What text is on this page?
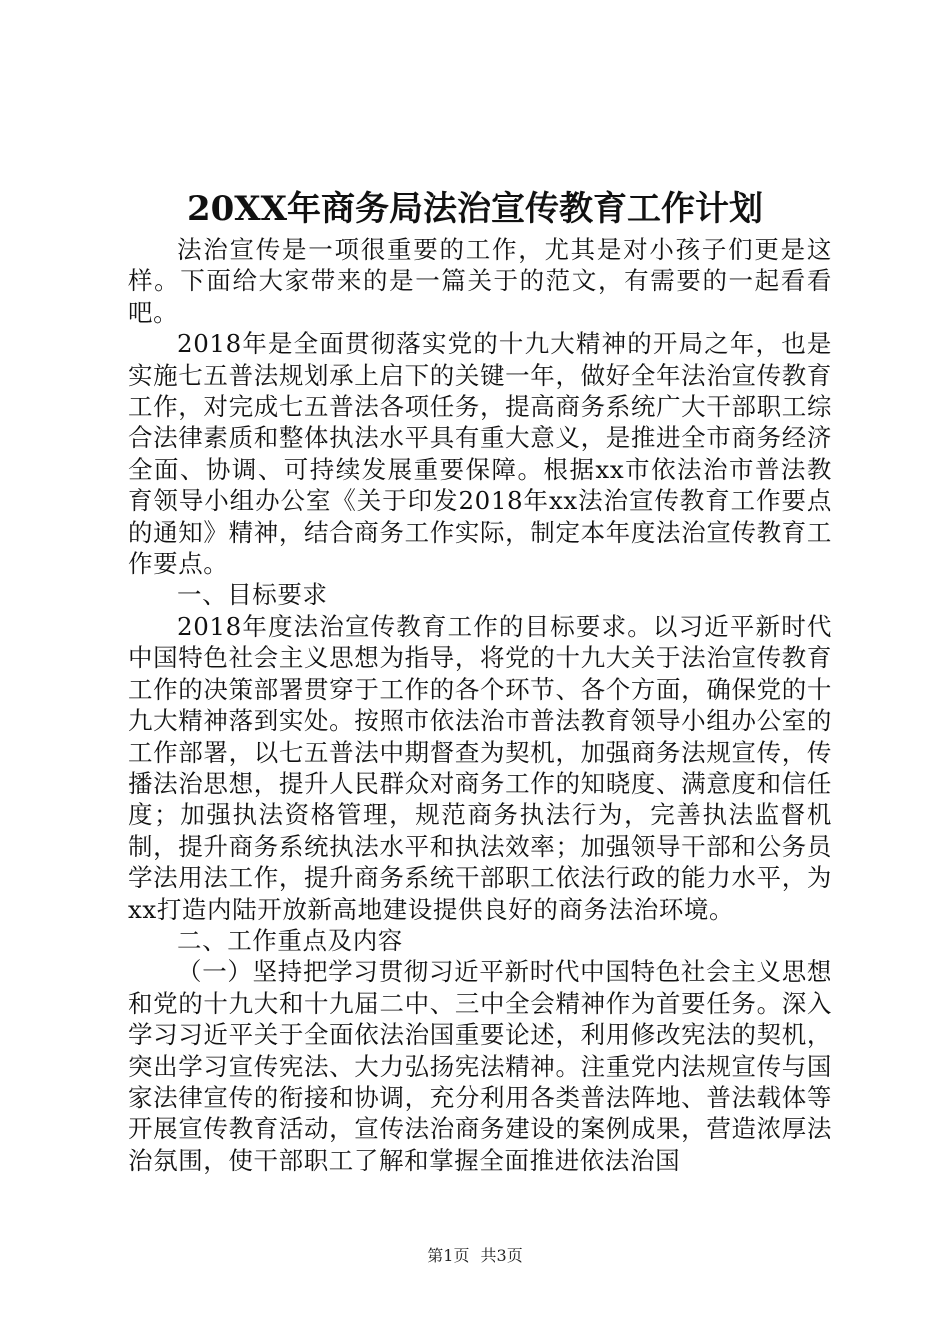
20XX年商务局法治宣传教育工作计划

法治宣传是一项很重要的工作，尤其是对小孩子们更是这样。下面给大家带来的是一篇关于的范文，有需要的一起看看吧。

2018年是全面贯彻落实党的十九大精神的开局之年，也是实施七五普法规划承上启下的关键一年，做好全年法治宣传教育工作，对完成七五普法各项任务，提高商务系统广大干部职工综合法律素质和整体执法水平具有重大意义，是推进全市商务经济全面、协调、可持续发展重要保障。根据xx市依法治市普法教育领导小组办公室《关于印发2018年xx法治宣传教育工作要点的通知》精神，结合商务工作实际，制定本年度法治宣传教育工作要点。

一、目标要求

2018年度法治宣传教育工作的目标要求。以习近平新时代中国特色社会主义思想为指导，将党的十九大关于法治宣传教育工作的决策部署贯穿于工作的各个环节、各个方面，确保党的十九大精神落到实处。按照市依法治市普法教育领导小组办公室的工作部署，以七五普法中期督查为契机，加强商务法规宣传，传播法治思想，提升人民群众对商务工作的知晓度、满意度和信任度；加强执法资格管理，规范商务执法行为，完善执法监督机制，提升商务系统执法水平和执法效率；加强领导干部和公务员学法用法工作，提升商务系统干部职工依法行政的能力水平，为xx打造内陆开放新高地建设提供良好的商务法治环境。

二、工作重点及内容

（一）坚持把学习贯彻习近平新时代中国特色社会主义思想和党的十九大和十九届二中、三中全会精神作为首要任务。深入学习习近平关于全面依法治国重要论述，利用修改宪法的契机，突出学习宣传宪法、大力弘扬宪法精神。注重党内法规宣传与国家法律宣传的衔接和协调，充分利用各类普法阵地、普法载体等开展宣传教育活动，宣传法治商务建设的案例成果，营造浓厚法治氛围，使干部职工了解和掌握全面推进依法治国

第1页 共3页
